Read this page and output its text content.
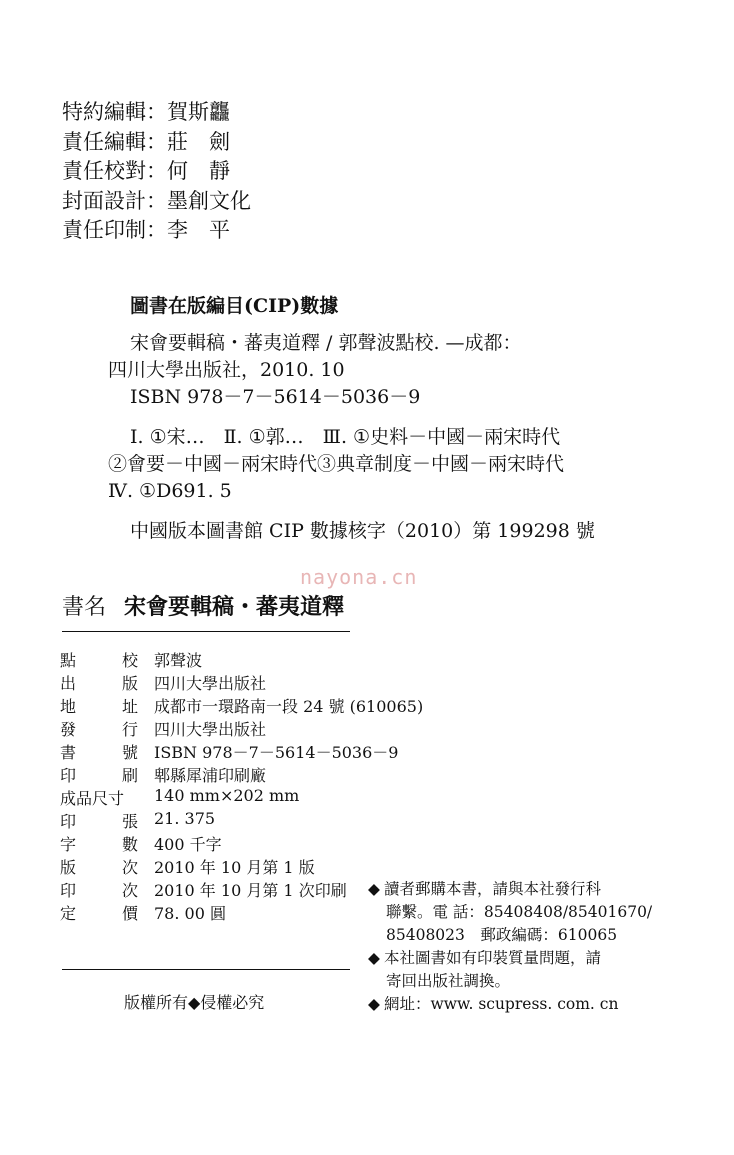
特約編輯：賀斯龘
責任編輯：莊　劍
責任校對：何　靜
封面設計：墨創文化
責任印制：李　平
圖書在版編目(CIP)數據
宋會要輯稿・蕃夷道釋 / 郭聲波點校. —成都：
四川大學出版社，2010. 10
ISBN 978－7－5614－5036－9
Ⅰ. ①宋…　Ⅱ. ①郭…　Ⅲ. ①史料－中國－兩宋時代
②會要－中國－兩宋時代③典章制度－中國－兩宋時代
Ⅳ. ①D691. 5
中國版本圖書館 CIP 數據核字（2010）第 199298 號
nayona.cn
書名 宋會要輯稿・蕃夷道釋
點	校 郭聲波
出	版 四川大學出版社
地	址 成都市一環路南一段 24 號 (610065)
發	行 四川大學出版社
書	號 ISBN 978－7－5614－5036－9
印	刷 郫縣犀浦印刷廠
成品尺寸 140 mm×202 mm
印	張 21. 375
字	數 400 千字
版	次 2010 年 10 月第 1 版
印	次 2010 年 10 月第 1 次印刷
定	價 78. 00 圓
◆ 讀者郵購本書，請與本社發行科
聯繫。電 話：85408408/85401670/
85408023　郵政編碼：610065
◆ 本社圖書如有印裝質量問題，請
寄回出版社調換。
◆ 網址：www. scupress. com. cn
版權所有◆侵權必究
